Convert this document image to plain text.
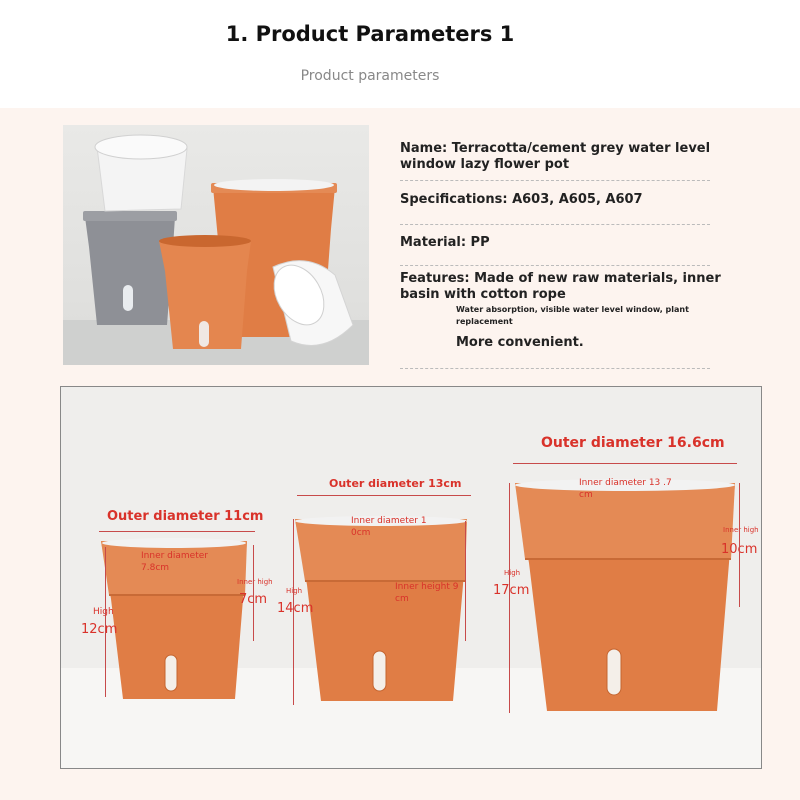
1. Product Parameters 1
Product parameters
Name: Terracotta/cement grey water level window lazy flower pot
Specifications: A603, A605, A607
Material: PP
Features: Made of new raw materials, inner basin with cotton rope
Water absorption, visible water level window, plant replacement
More convenient.
Outer diameter 11cm
Inner diameter 7.8cm
Inner high
7cm
High
12cm
Outer diameter 13cm
Inner diameter 1 0cm
Inner height 9 cm
High
14cm
Outer diameter 16.6cm
Inner diameter 13 .7 cm
Inner high
10cm
High
17cm
